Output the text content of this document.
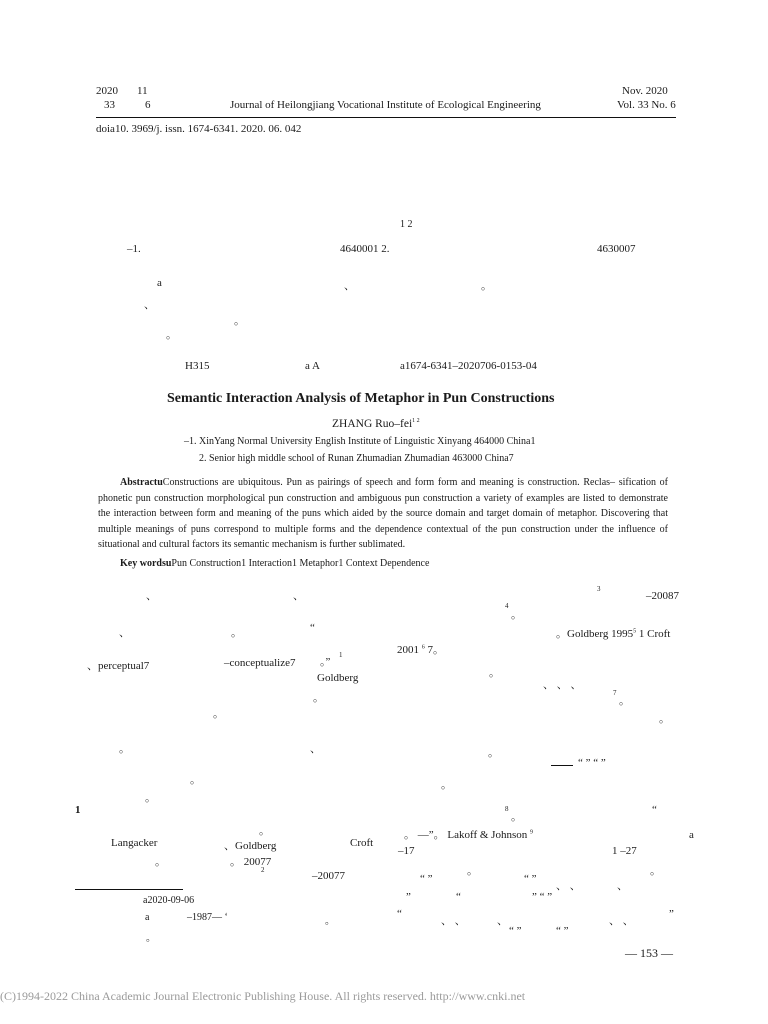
2020 11
33	6	Journal of Heilongjiang Vocational Institute of Ecological Engineering
Nov. 2020
Vol. 33 No. 6
doia10. 3969/j. issn. 1674-6341. 2020. 06. 042
1 2
–1.	4640001 2.	4630007
a	、	。
、
。
。
H315	a A	a1674-6341–2020706-0153-04
Semantic Interaction Analysis of Metaphor in Pun Constructions
ZHANG Ruo–fei$^{1 2}$
–1. XinYang Normal University English Institute of Linguistic Xinyang 464000 China1
2. Senior high middle school of Runan Zhumadian Zhumadian 463000 China7
AbstractuConstructions are ubiquitous. Pun as pairings of speech and form form and meaning is construction. Reclas– sification of phonetic pun construction morphological pun construction and ambiguous pun construction a variety of examples are listed to demonstrate the interaction between form and meaning of the puns which aided by the source domain and target domain of metaphor. Discovering that multiple meanings of puns correspond to multiple forms and the dependence contextual of the pun construction under the influence of situational and cultural factors its semantic mechanism is further sublimated.
Key wordsuPun Construction1 Interaction1 Metaphor1 Context Dependence
、	、
、	。	“
、perceptual7	–conceptualize7 。”
1
Goldberg
。
。
。	、
。
。
1
。
Langacker	、Goldberg	Croft
。	。 20077
2	–20077
a2020-09-06
a	–1987— ‘	。
。
3
–20087
4
。
。Goldberg 1995$^5$ 1 Croft
2001 $^6$ 7。
。
、 、 、
7
。
。
。
“ ” “ ”
。
8
。
“
。 —”。 Lakoff & Johnson $^9$	a
–17	1 –27
。	。
“ ”	“ ”
、 、	、
”	“	” “ ”
“
、 、	、	、 、
”
“ ”	“ ”
— 153 —
(C)1994-2022 China Academic Journal Electronic Publishing House. All rights reserved. http://www.cnki.net
